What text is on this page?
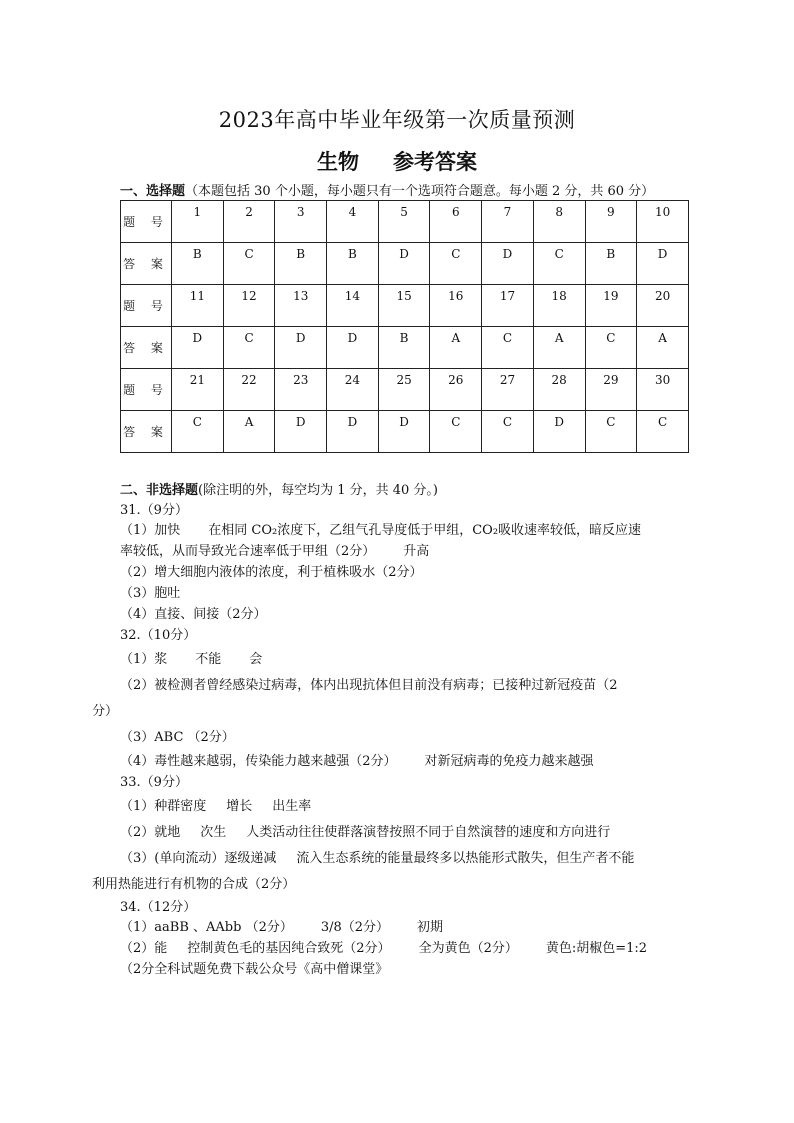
2023年高中毕业年级第一次质量预测
生物 参考答案
一、选择题（本题包括 30 个小题，每小题只有一个选项符合题意。每小题 2 分，共 60 分）
题 号	1	2	3	4	5	6	7	8	9	10
答 案	B	C	B	B	D	C	D	C	B	D
题 号	11	12	13	14	15	16	17	18	19	20
答 案	D	C	D	D	B	A	C	A	C	A
题 号	21	22	23	24	25	26	27	28	29	30
答 案	C	A	D	D	D	C	C	D	C	C
二、非选择题(除注明的外，每空均为 1 分，共 40 分。)
31.（9分）
（1）加快 在相同 CO₂浓度下，乙组气孔导度低于甲组，CO₂吸收速率较低，暗反应速
率较低，从而导致光合速率低于甲组（2分） 升高
（2）增大细胞内液体的浓度，利于植株吸水（2分）
（3）胞吐
（4）直接、间接（2分）
32.（10分）
（1）浆 不能 会
（2）被检测者曾经感染过病毒，体内出现抗体但目前没有病毒；已接种过新冠疫苗（2
分）
（3）ABC （2分）
（4）毒性越来越弱，传染能力越来越强（2分） 对新冠病毒的免疫力越来越强
33.（9分）
（1）种群密度 增长 出生率
（2）就地 次生 人类活动往往使群落演替按照不同于自然演替的速度和方向进行
（3）(单向流动）逐级递减 流入生态系统的能量最终多以热能形式散失，但生产者不能
利用热能进行有机物的合成（2分）
34.（12分）
（1）aaBB 、AAbb （2分） 3/8（2分） 初期
（2）能 控制黄色毛的基因纯合致死（2分） 全为黄色（2分） 黄色:胡椒色=1:2
（2分全科试题免费下载公众号《高中僧课堂》
